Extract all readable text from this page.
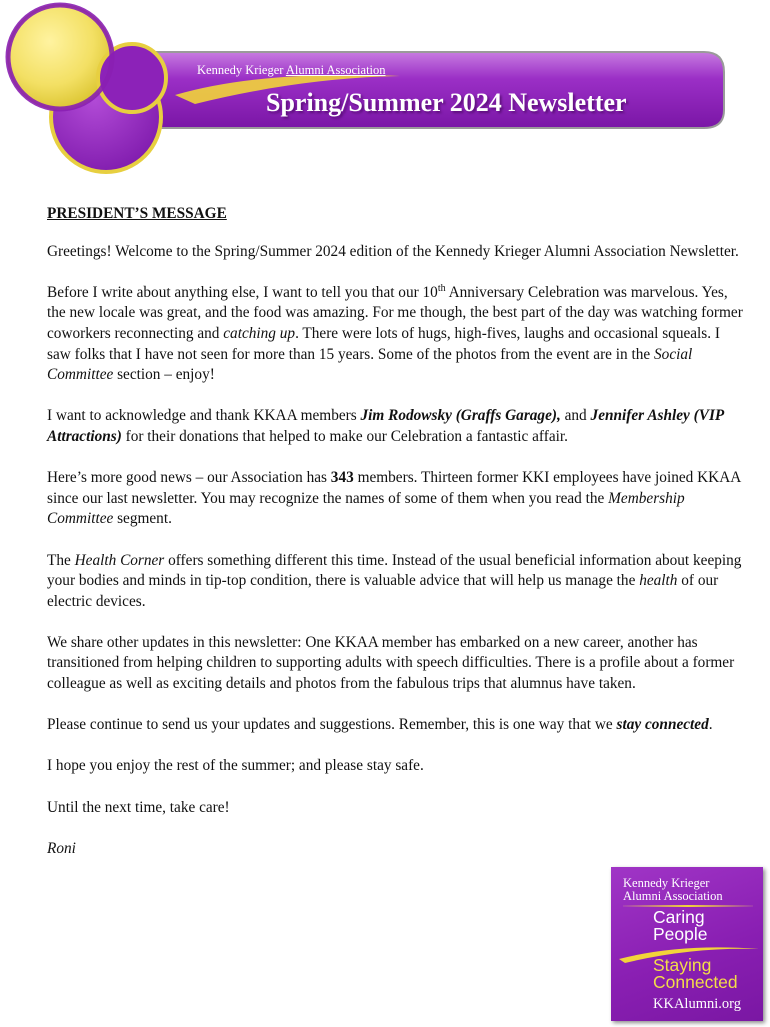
Kennedy Krieger Alumni Association

Spring/Summer 2024 Newsletter
PRESIDENT’S MESSAGE

Greetings! Welcome to the Spring/Summer 2024 edition of the Kennedy Krieger Alumni Association Newsletter.

Before I write about anything else, I want to tell you that our 10th Anniversary Celebration was marvelous. Yes, the new locale was great, and the food was amazing. For me though, the best part of the day was watching former coworkers reconnecting and catching up. There were lots of hugs, high-fives, laughs and occasional squeals. I saw folks that I have not seen for more than 15 years. Some of the photos from the event are in the Social Committee section – enjoy!

I want to acknowledge and thank KKAA members Jim Rodowsky (Graffs Garage), and Jennifer Ashley (VIP Attractions) for their donations that helped to make our Celebration a fantastic affair.

Here’s more good news – our Association has 343 members. Thirteen former KKI employees have joined KKAA since our last newsletter. You may recognize the names of some of them when you read the Membership Committee segment.

The Health Corner offers something different this time. Instead of the usual beneficial information about keeping your bodies and minds in tip-top condition, there is valuable advice that will help us manage the health of our electric devices.

We share other updates in this newsletter: One KKAA member has embarked on a new career, another has transitioned from helping children to supporting adults with speech difficulties. There is a profile about a former colleague as well as exciting details and photos from the fabulous trips that alumnus have taken.

Please continue to send us your updates and suggestions. Remember, this is one way that we stay connected.

I hope you enjoy the rest of the summer; and please stay safe.

Until the next time, take care!

Roni

Kennedy Krieger
Alumni Association

Caring
People

Staying
Connected

KKAlumni.org
